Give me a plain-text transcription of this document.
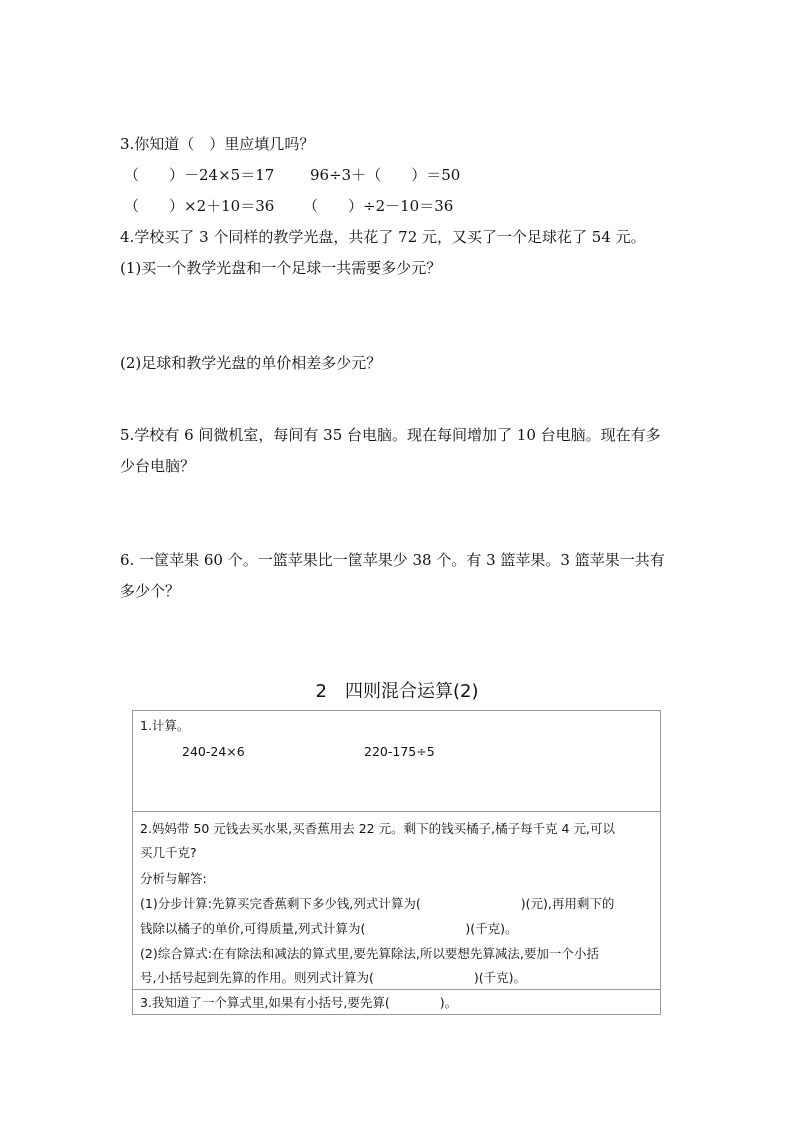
3.你知道（　）里应填几吗？
（　　）－24×5＝17 96÷3＋（　　）＝50
（　　）×2＋10＝36 （　　）÷2－10＝36
4.学校买了 3 个同样的教学光盘，共花了 72 元，又买了一个足球花了 54 元。
(1)买一个教学光盘和一个足球一共需要多少元？
(2)足球和教学光盘的单价相差多少元？
5.学校有 6 间微机室，每间有 35 台电脑。现在每间增加了 10 台电脑。现在有多
少台电脑？
6. 一筐苹果 60 个。一篮苹果比一筐苹果少 38 个。有 3 篮苹果。3 篮苹果一共有
多少个？
2　四则混合运算(2)
1.计算。
240-24×6	220-175÷5
2.妈妈带 50 元钱去买水果,买香蕉用去 22 元。剩下的钱买橘子,橘子每千克 4 元,可以
买几千克?
分析与解答:
(1)分步计算:先算买完香蕉剩下多少钱,列式计算为(　　　　　　　　)(元),再用剩下的
钱除以橘子的单价,可得质量,列式计算为(　　　　　　　　)(千克)。
(2)综合算式:在有除法和减法的算式里,要先算除法,所以要想先算减法,要加一个小括
号,小括号起到先算的作用。则列式计算为(　　　　　　　　)(千克)。
3.我知道了一个算式里,如果有小括号,要先算(　　　　)。
